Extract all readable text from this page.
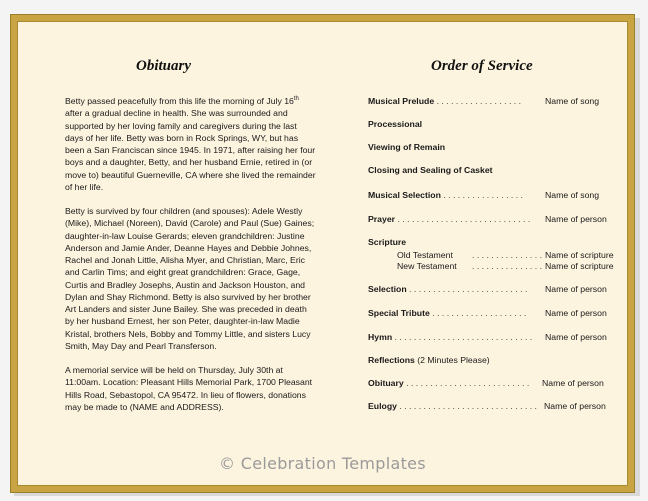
Obituary	Order of Service

Betty passed peacefully from this life the morning of July 16th after a gradual decline in health. She was surrounded and supported by her loving family and caregivers during the last days of her life. Betty was born in Rock Springs, WY, but has been a San Franciscan since 1945. In 1971, after raising her four boys and a daughter, Betty, and her husband Ernie, retired in (or move to) beautiful Guerneville, CA where she lived the remainder of her life.

Betty is survived by four children (and spouses): Adele Westly (Mike), Michael (Noreen), David (Carole) and Paul (Sue) Gaines; daughter-in-law Louise Gerards; eleven grandchildren: Justine Anderson and Jamie Ander, Deanne Hayes and Debbie Johnes, Rachel and Jonah Little, Alisha Myer, and Christian, Marc, Eric and Carlin Tims; and eight great grandchildren: Grace, Gage, Curtis and Bradley Josephs, Austin and Jackson Houston, and Dylan and Shay Richmond. Betty is also survived by her brother Art Landers and sister June Bailey. She was preceded in death by her husband Ernest, her son Peter, daughter-in-law Madie Kristal, brothers Nels, Bobby and Tommy Little, and sisters Lucy Smith, May Day and Pearl Transferson.

A memorial service will be held on Thursday, July 30th at 11:00am. Location: Pleasant Hills Memorial Park, 1700 Pleasant Hills Road, Sebastopol, CA 95472. In lieu of flowers, donations may be made to (NAME and ADDRESS).

Musical Prelude . . . . . . . . . . . . . . . . . .	Name of song
Processional
Viewing of Remain
Closing and Sealing of Casket
Musical Selection . . . . . . . . . . . . . . . . .	Name of song
Prayer . . . . . . . . . . . . . . . . . . . . . . . . . . . . Name of person
Scripture
Old Testament . . . . . . . . . . . . . . . Name of scripture
New Testament . . . . . . . . . . . . . . . Name of scripture
Selection . . . . . . . . . . . . . . . . . . . . . . . . . Name of person
Special Tribute . . . . . . . . . . . . . . . . . . . . Name of person
Hymn . . . . . . . . . . . . . . . . . . . . . . . . . . . . . Name of person
Reflections (2 Minutes Please)
Obituary . . . . . . . . . . . . . . . . . . . . . . . . . . Name of person
Eulogy . . . . . . . . . . . . . . . . . . . . . . . . . . . . . Name of person
© Celebration Templates
